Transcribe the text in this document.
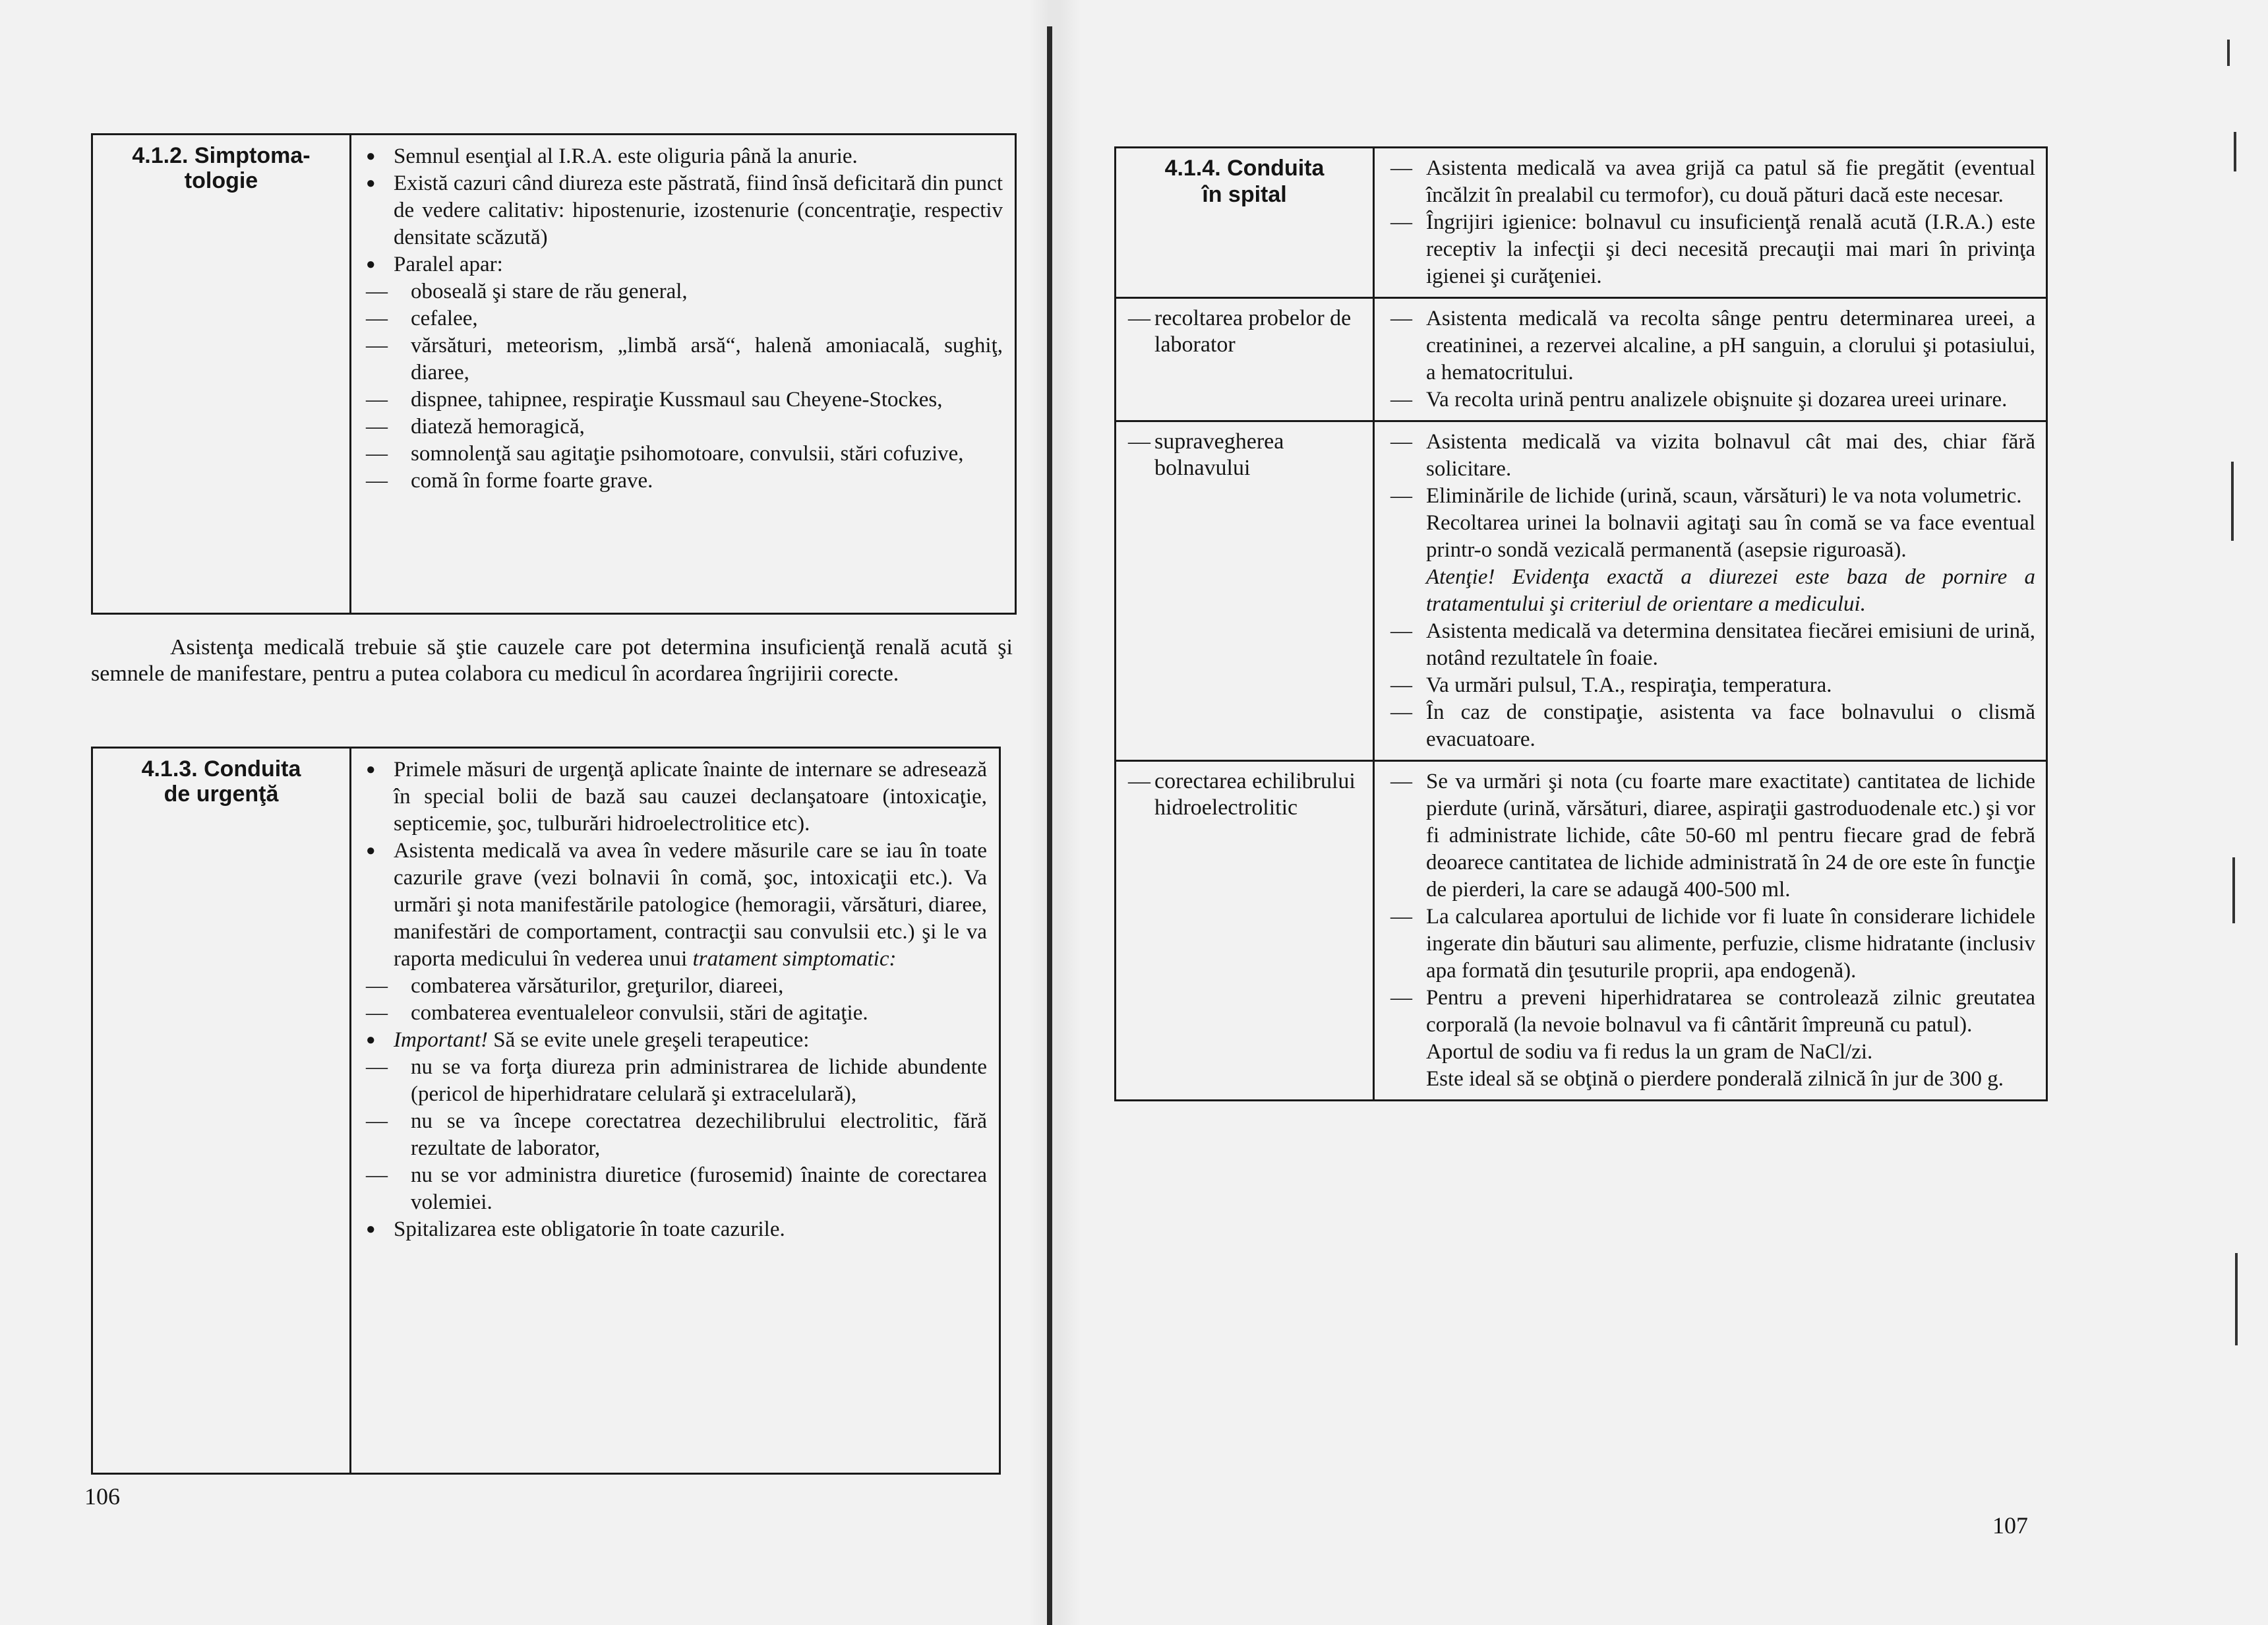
4.1.2. Simptoma-
tologie
● Semnul esenţial al I.R.A. este oliguria până la anurie.
● Există cazuri când diureza este păstrată, fiind însă deficitară din punct de vedere calitativ: hipostenurie, izostenurie (concentraţie, respectiv densitate scăzută)
● Paralel apar:
— oboseală şi stare de rău general,
— cefalee,
— vărsături, meteorism, „limbă arsă“, halenă amoniacală, sughiţ, diaree,
— dispnee, tahipnee, respiraţie Kussmaul sau Cheyene-Stockes,
— diateză hemoragică,
— somnolenţă sau agitaţie psihomotoare, convulsii, stări cofuzive,
— comă în forme foarte grave.
Asistenţa medicală trebuie să ştie cauzele care pot determina insuficienţă renală acută şi semnele de manifestare, pentru a putea colabora cu medicul în acordarea îngrijirii corecte.
4.1.3. Conduita
de urgenţă
● Primele măsuri de urgenţă aplicate înainte de internare se adresează în special bolii de bază sau cauzei declanşatoare (intoxicaţie, septicemie, şoc, tulburări hidroelectrolitice etc).
● Asistenta medicală va avea în vedere măsurile care se iau în toate cazurile grave (vezi bolnavii în comă, şoc, intoxicaţii etc.). Va urmări şi nota manifestările patologice (hemoragii, vărsături, diaree, manifestări de comportament, contracţii sau convulsii etc.) şi le va raporta medicului în vederea unui tratament simptomatic:
— combaterea vărsăturilor, greţurilor, diareei,
— combaterea eventualeleor convulsii, stări de agitaţie.
● Important! Să se evite unele greşeli terapeutice:
— nu se va forţa diureza prin administrarea de lichide abundente (pericol de hiperhidratare celulară şi extracelulară),
— nu se va începe corectatrea dezechilibrului electrolitic, fără rezultate de laborator,
— nu se vor administra diuretice (furosemid) înainte de corectarea volemiei.
● Spitalizarea este obligatorie în toate cazurile.
106
4.1.4. Conduita
în spital
— Asistenta medicală va avea grijă ca patul să fie pregătit (eventual încălzit în prealabil cu termofor), cu două pături dacă este necesar.
— Îngrijiri igienice: bolnavul cu insuficienţă renală acută (I.R.A.) este receptiv la infecţii şi deci necesită precauţii mai mari în privinţa igienei şi curăţeniei.
— recoltarea probelor de laborator
— Asistenta medicală va recolta sânge pentru determinarea ureei, a creatininei, a rezervei alcaline, a pH sanguin, a clorului şi potasiului, a hematocritului.
— Va recolta urină pentru analizele obişnuite şi dozarea ureei urinare.
— supravegherea bolnavului
— Asistenta medicală va vizita bolnavul cât mai des, chiar fără solicitare.
— Eliminările de lichide (urină, scaun, vărsături) le va nota volumetric.
Recoltarea urinei la bolnavii agitaţi sau în comă se va face eventual printr-o sondă vezicală permanentă (asepsie riguroasă).
Atenţie! Evidenţa exactă a diurezei este baza de pornire a tratamentului şi criteriul de orientare a medicului.
— Asistenta medicală va determina densitatea fiecărei emisiuni de urină, notând rezultatele în foaie.
— Va urmări pulsul, T.A., respiraţia, temperatura.
— În caz de constipaţie, asistenta va face bolnavului o clismă evacuatoare.
— corectarea echilibrului hidroelectrolitic
— Se va urmări şi nota (cu foarte mare exactitate) cantitatea de lichide pierdute (urină, vărsături, diaree, aspiraţii gastroduodenale etc.) şi vor fi administrate lichide, câte 50-60 ml pentru fiecare grad de febră deoarece cantitatea de lichide administrată în 24 de ore este în funcţie de pierderi, la care se adaugă 400-500 ml.
— La calcularea aportului de lichide vor fi luate în considerare lichidele ingerate din băuturi sau alimente, perfuzie, clisme hidratante (inclusiv apa formată din ţesuturile proprii, apa endogenă).
— Pentru a preveni hiperhidratarea se controlează zilnic greutatea corporală (la nevoie bolnavul va fi cântărit împreună cu patul).
Aportul de sodiu va fi redus la un gram de NaCl/zi.
Este ideal să se obţină o pierdere ponderală zilnică în jur de 300 g.
107
